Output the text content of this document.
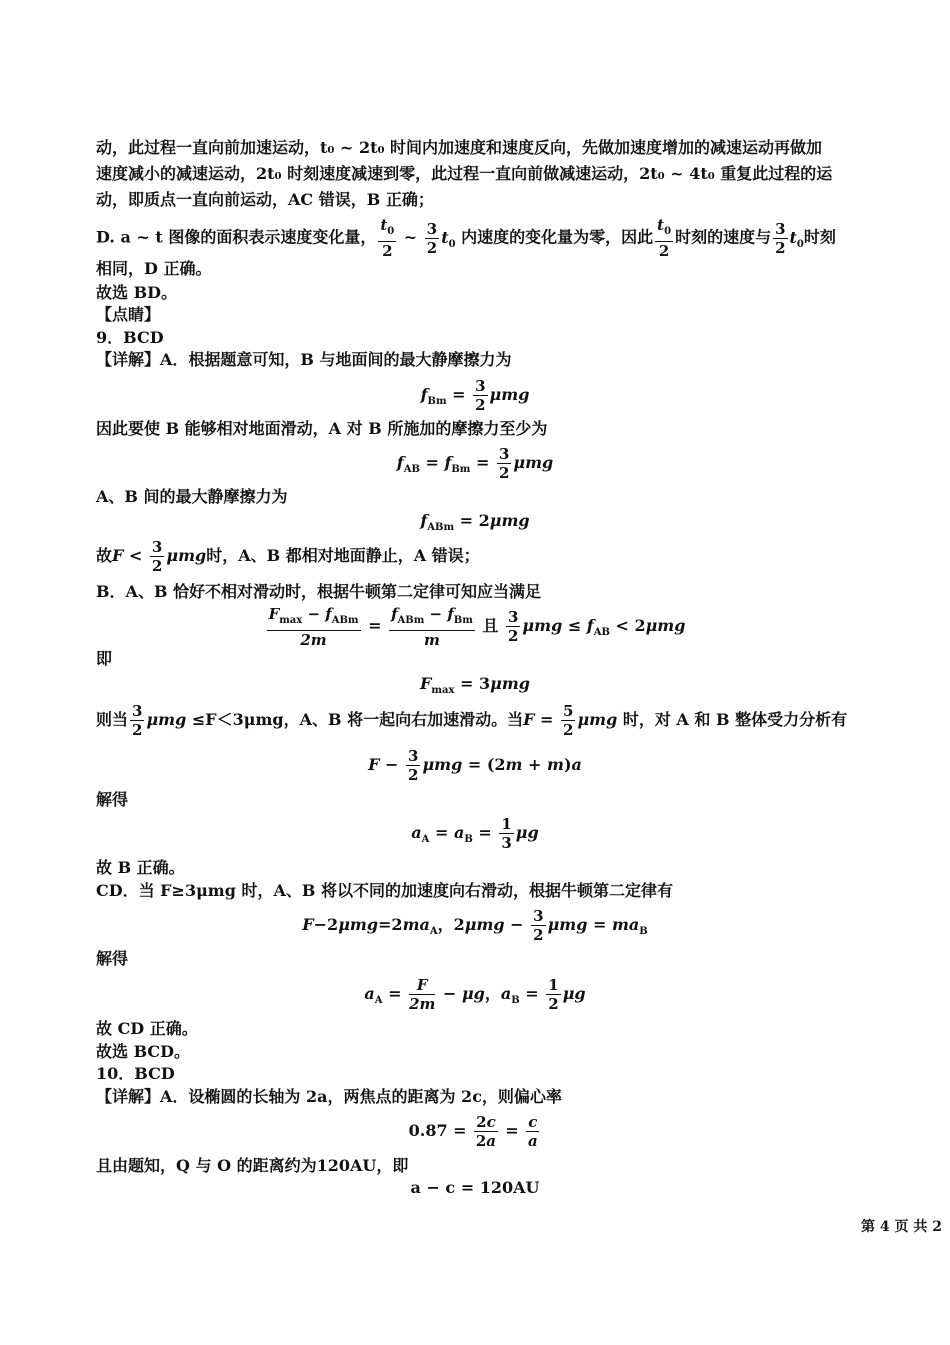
动，此过程一直向前加速运动，t₀ ~ 2t₀ 时间内加速度和速度反向，先做加速度增加的减速运动再做加
速度减小的减速运动，2t₀ 时刻速度减速到零，此过程一直向前做减速运动，2t₀ ~ 4t₀ 重复此过程的运
动，即质点一直向前运动，AC 错误，B 正确；
D. a ~ t 图像的面积表示速度变化量， $\frac{t_0}{2}$ ~ $\frac{3}{2} t_0$ 内速度的变化量为零，因此 $\frac{t_0}{2}$ 时刻的速度与 $\frac{3}{2} t_0$时刻
相同，D 正确。
故选 BD。
【点睛】
9．BCD
【详解】A．根据题意可知，B 与地面间的最大静摩擦力为
$f_{Bm} = \frac{3}{2}$ μmg
因此要使 B 能够相对地面滑动，A 对 B 所施加的摩擦力至少为
$f_{AB} = f_{Bm} = \frac{3}{2}$ μmg
A、B 间的最大静摩擦力为
$f_{ABm} = 2\mu mg$
故$F < \frac{3}{2}$ μmg时，A、B 都相对地面静止，A 错误；
B．A、B 恰好不相对滑动时，根据牛顿第二定律可知应当满足
$\frac{F_{max} - f_{ABm}}{2m} = \frac{f_{ABm} - f_{Bm}}{m}$ 且 $\frac{3}{2}$ $\mu mg \le f_{AB} < 2\mu mg$
即
$F_{max} = 3\mu mg$
则当 $\frac{3}{2}$ μmg ≤F＜3μmg，A、B 将一起向右加速滑动。当$F = \frac{5}{2}$ μmg 时，对 A 和 B 整体受力分析有
$F - \frac{3}{2}$ μmg = (2m + m)a
解得
$a_A = a_B = \frac{1}{3}$ μg
故 B 正确。
CD．当 F≥3μmg 时，A、B 将以不同的加速度向右滑动，根据牛顿第二定律有
$F-2\mu mg=2ma_A$，$2\mu mg - \frac{3}{2}$ $\mu mg = ma_B$
解得
$a_A = \frac{F}{2m} - \mu g$，$a_B = \frac{1}{2}$ μg
故 CD 正确。
故选 BCD。
10．BCD
【详解】A．设椭圆的长轴为 2a，两焦点的距离为 2c，则偏心率
$0.87 = \frac{2c}{2a} = \frac{c}{a}$
且由题知，Q 与 O 的距离约为120AU，即
a − c = 120AU
第 4 页 共 2
